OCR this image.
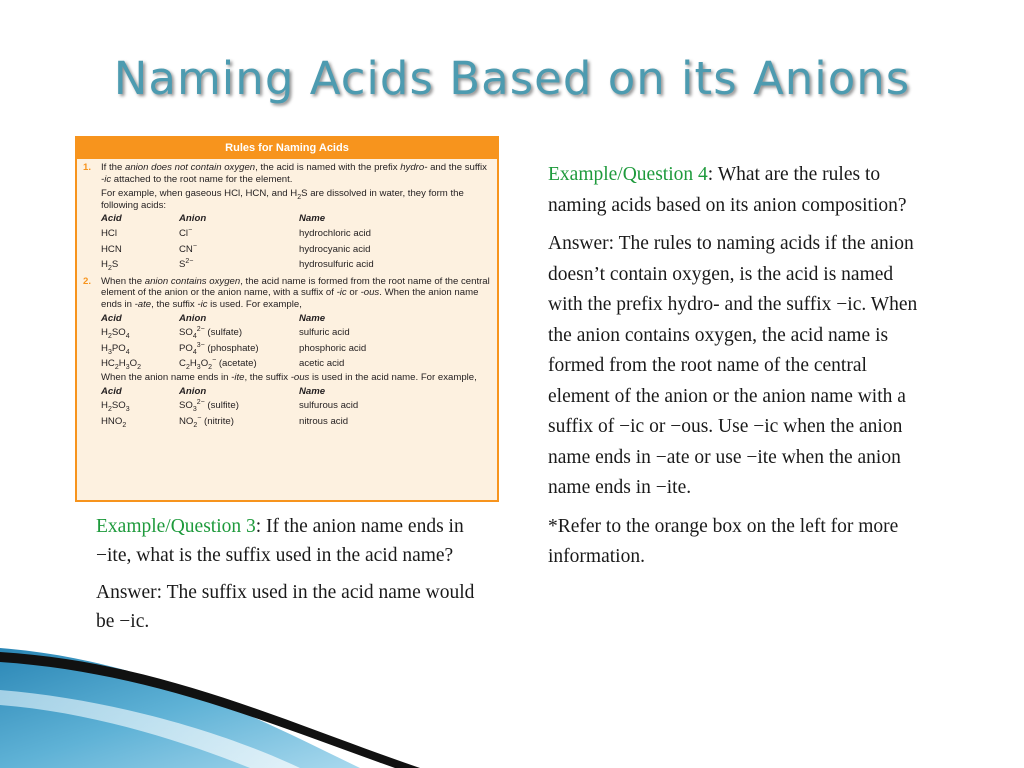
Naming Acids Based on its Anions
Rules for Naming Acids
1. If the anion does not contain oxygen, the acid is named with the prefix hydro- and the suffix -ic attached to the root name for the element.

For example, when gaseous HCl, HCN, and $H_2S$ are dissolved in water, they form the following acids:

Acid	Anion	Name
HCl	Cl−	hydrochloric acid
HCN	CN−	hydrocyanic acid
$H_2S$	$S^{2-}$	hydrosulfuric acid
2. When the anion contains oxygen, the acid name is formed from the root name of the central element of the anion or the anion name, with a suffix of -ic or -ous. When the anion name ends in -ate, the suffix -ic is used. For example,

Acid	Anion	Name
$H_2SO_4$	$SO_4^{2-}$ (sulfate)	sulfuric acid
$H_3PO_4$	$PO_4^{3-}$ (phosphate)	phosphoric acid
$HC_2H_3O_2$	$C_2H_3O_2^-$ (acetate)	acetic acid

When the anion name ends in -ite, the suffix -ous is used in the acid name. For example,

Acid	Anion	Name
$H_2SO_3$	$SO_3^{2-}$ (sulfite)	sulfurous acid
$HNO_2$	$NO_2^-$ (nitrite)	nitrous acid

Example/Question 3: If the anion name ends in −ite, what is the suffix used in the acid name?

Answer: The suffix used in the acid name would be −ic.

Example/Question 4: What are the rules to naming acids based on its anion composition?

Answer: The rules to naming acids if the anion doesn’t contain oxygen, is the acid is named with the prefix hydro- and the suffix −ic. When the anion contains oxygen, the acid name is formed from the root name of the central element of the anion or the anion name with a suffix of −ic or −ous. Use −ic when the anion name ends in −ate or use −ite when the anion name ends in −ite.

*Refer to the orange box on the left for more information.
